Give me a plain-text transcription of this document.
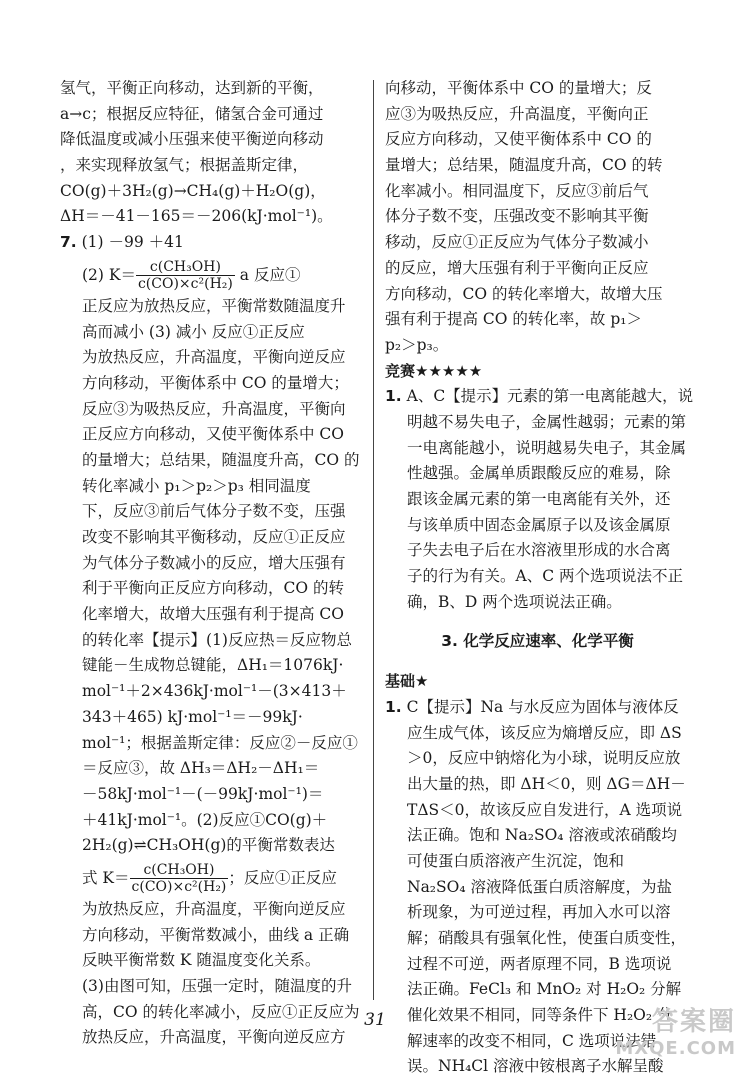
氢气，平衡正向移动，达到新的平衡，
a→c；根据反应特征，储氢合金可通过
降低温度或减小压强来使平衡逆向移动
，来实现释放氢气；根据盖斯定律，
CO(g)＋3H₂(g)→CH₄(g)＋H₂O(g)，
ΔH＝－41－165＝－206(kJ·mol⁻¹)。
7. (1) －99 ＋41
(2) $K= \frac{\text{c(CH₃OH)}}{\text{c(CO)×c²(H₂)}}$ a 反应①
正反应为放热反应，平衡常数随温度升
高而减小 (3) 减小 反应①正反应
为放热反应，升高温度，平衡向逆反应
方向移动，平衡体系中 CO 的量增大；
反应③为吸热反应，升高温度，平衡向
正反应方向移动，又使平衡体系中 CO
的量增大；总结果，随温度升高，CO 的
转化率减小 p₁＞p₂＞p₃ 相同温度
下，反应③前后气体分子数不变，压强
改变不影响其平衡移动，反应①正反应
为气体分子数减小的反应，增大压强有
利于平衡向正反应方向移动，CO 的转
化率增大，故增大压强有利于提高 CO
的转化率【提示】(1)反应热＝反应物总
键能－生成物总键能，ΔH₁＝1076kJ·
mol⁻¹＋2×436kJ·mol⁻¹－(3×413＋
343＋465) kJ·mol⁻¹＝－99kJ·
mol⁻¹；根据盖斯定律：反应②－反应①
＝反应③，故 ΔH₃＝ΔH₂－ΔH₁＝
－58kJ·mol⁻¹－(－99kJ·mol⁻¹)＝
＋41kJ·mol⁻¹。(2)反应①CO(g)＋
2H₂(g)⇌CH₃OH(g)的平衡常数表达
式 $K= \frac{\text{c(CH₃OH)}}{\text{c(CO)×c²(H₂)}}$ ；反应①正反应
为放热反应，升高温度，平衡向逆反应
方向移动，平衡常数减小，曲线 a 正确
反映平衡常数 K 随温度变化关系。
(3)由图可知，压强一定时，随温度的升
高，CO 的转化率减小，反应①正反应为
放热反应，升高温度，平衡向逆反应方
向移动，平衡体系中 CO 的量增大；反
应③为吸热反应，升高温度，平衡向正
反应方向移动，又使平衡体系中 CO 的
量增大；总结果，随温度升高，CO 的转
化率减小。相同温度下，反应③前后气
体分子数不变，压强改变不影响其平衡
移动，反应①正反应为气体分子数减小
的反应，增大压强有利于平衡向正反应
方向移动，CO 的转化率增大，故增大压
强有利于提高 CO 的转化率，故 p₁＞
p₂＞p₃。
竞赛★★★★★
1. A、C【提示】元素的第一电离能越大，说
明越不易失电子，金属性越弱；元素的第
一电离能越小，说明越易失电子，其金属
性越强。金属单质跟酸反应的难易，除
跟该金属元素的第一电离能有关外，还
与该单质中固态金属原子以及该金属原
子失去电子后在水溶液里形成的水合离
子的行为有关。A、C 两个选项说法不正
确，B、D 两个选项说法正确。
3. 化学反应速率、化学平衡
基础★
1. C【提示】Na 与水反应为固体与液体反
应生成气体，该反应为熵增反应，即 ΔS
＞0，反应中钠熔化为小球，说明反应放
出大量的热，即 ΔH＜0，则 ΔG＝ΔH－
TΔS＜0，故该反应自发进行，A 选项说
法正确。饱和 Na₂SO₄ 溶液或浓硝酸均
可使蛋白质溶液产生沉淀，饱和
Na₂SO₄ 溶液降低蛋白质溶解度，为盐
析现象，为可逆过程，再加入水可以溶
解；硝酸具有强氧化性，使蛋白质变性，
过程不可逆，两者原理不同，B 选项说
法正确。FeCl₃ 和 MnO₂ 对 H₂O₂ 分解
催化效果不相同，同等条件下 H₂O₂ 分
解速率的改变不相同，C 选项说法错
误。NH₄Cl 溶液中铵根离子水解呈酸
31	答案圈
MXQE.COM
